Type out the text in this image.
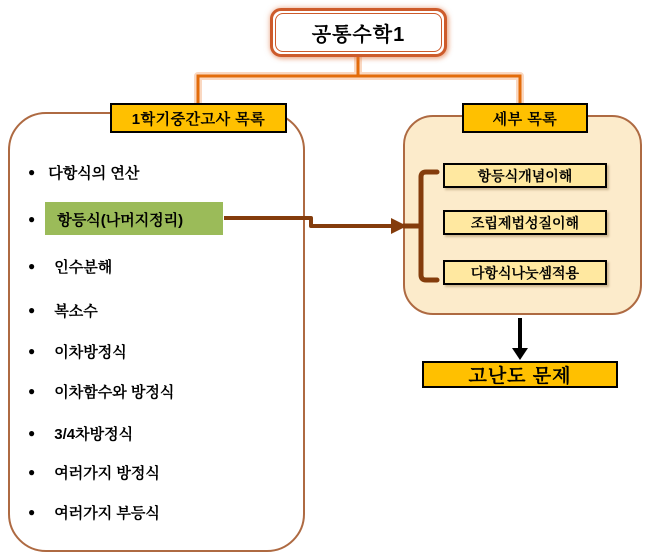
공통수학1
1학기중간고사 목록	세부 목록
● 다항식의 연산
● 항등식(나머지정리)
● 인수분해
● 복소수
● 이차방정식
● 이차함수와 방정식
● 3/4차방정식
● 여러가지 방정식
● 여러가지 부등식
항등식개념이해
조립제법성질이해
다항식나눗셈적용
고난도 문제
